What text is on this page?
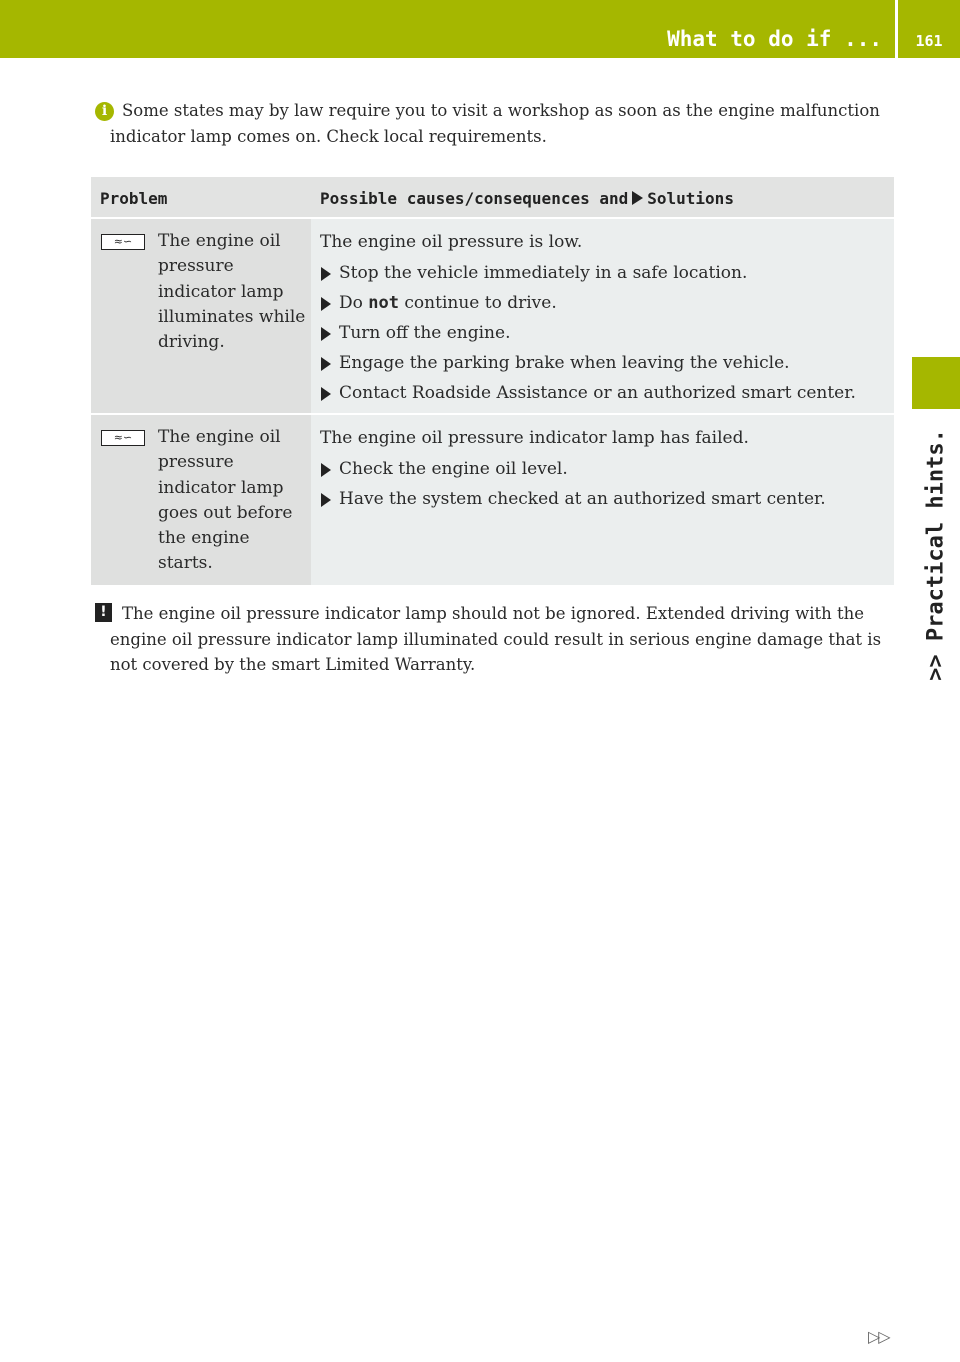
What to do if ...	161
>> Practical hints.
i Some states may by law require you to visit a workshop as soon as the engine malfunction indicator lamp comes on. Check local requirements.
Problem	Possible causes/consequences and Solutions
≈∽	The engine oil pressure indicator lamp illuminates while driving.
The engine oil pressure is low.
Stop the vehicle immediately in a safe location.
Do not continue to drive.
Turn off the engine.
Engage the parking brake when leaving the vehicle.
Contact Roadside Assistance or an authorized smart center.
≈∽	The engine oil pressure indicator lamp goes out before the engine starts.
The engine oil pressure indicator lamp has failed.
Check the engine oil level.
Have the system checked at an authorized smart center.
! The engine oil pressure indicator lamp should not be ignored. Extended driving with the engine oil pressure indicator lamp illuminated could result in serious engine damage that is not covered by the smart Limited Warranty.
▷▷
